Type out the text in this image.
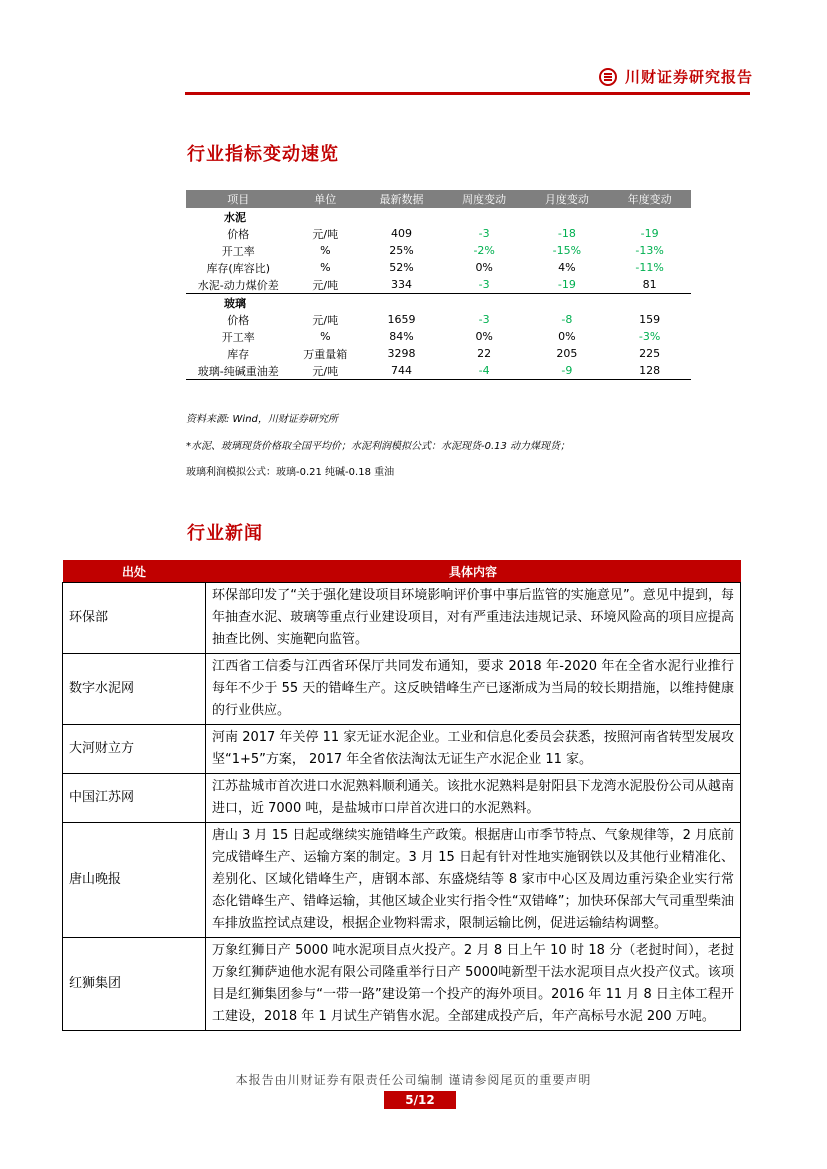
川财证券研究报告
行业指标变动速览
项目	单位	最新数据	周度变动	月度变动	年度变动
水泥					
价格	元/吨	409	-3	-18	-19
开工率	%	25%	-2%	-15%	-13%
库存(库容比)	%	52%	0%	4%	-11%
水泥-动力煤价差	元/吨	334	-3	-19	81
玻璃					
价格	元/吨	1659	-3	-8	159
开工率	%	84%	0%	0%	-3%
库存	万重量箱	3298	22	205	225
玻璃-纯碱重油差	元/吨	744	-4	-9	128
资料来源: Wind，川财证券研究所
*水泥、玻璃现货价格取全国平均价；水泥利润模拟公式：水泥现货-0.13 动力煤现货；
玻璃利润模拟公式：玻璃-0.21 纯碱-0.18 重油
行业新闻
出处	具体内容
环保部	环保部印发了“关于强化建设项目环境影响评价事中事后监管的实施意见”。意见中提到，每年抽查水泥、玻璃等重点行业建设项目，对有严重违法违规记录、环境风险高的项目应提高抽查比例、实施靶向监管。
数字水泥网	江西省工信委与江西省环保厅共同发布通知，要求 2018 年-2020 年在全省水泥行业推行每年不少于 55 天的错峰生产。这反映错峰生产已逐渐成为当局的较长期措施，以维持健康的行业供应。
大河财立方	河南 2017 年关停 11 家无证水泥企业。工业和信息化委员会获悉，按照河南省转型发展攻坚“1+5”方案， 2017 年全省依法淘汰无证生产水泥企业 11 家。
中国江苏网	江苏盐城市首次进口水泥熟料顺利通关。该批水泥熟料是射阳县下龙湾水泥股份公司从越南进口，近 7000 吨，是盐城市口岸首次进口的水泥熟料。
唐山晚报	唐山 3 月 15 日起或继续实施错峰生产政策。根据唐山市季节特点、气象规律等，2 月底前完成错峰生产、运输方案的制定。3 月 15 日起有针对性地实施钢铁以及其他行业精准化、差别化、区域化错峰生产，唐钢本部、东盛烧结等 8 家市中心区及周边重污染企业实行常态化错峰生产、错峰运输，其他区域企业实行指令性“双错峰”；加快环保部大气司重型柴油车排放监控试点建设，根据企业物料需求，限制运输比例，促进运输结构调整。
红狮集团	万象红狮日产 5000 吨水泥项目点火投产。2 月 8 日上午 10 时 18 分（老挝时间），老挝万象红狮萨迪他水泥有限公司隆重举行日产 5000吨新型干法水泥项目点火投产仪式。该项目是红狮集团参与“一带一路”建设第一个投产的海外项目。2016 年 11 月 8 日主体工程开工建设，2018 年 1 月试生产销售水泥。全部建成投产后，年产高标号水泥 200 万吨。
本报告由川财证券有限责任公司编制 谨请参阅尾页的重要声明
5/12
